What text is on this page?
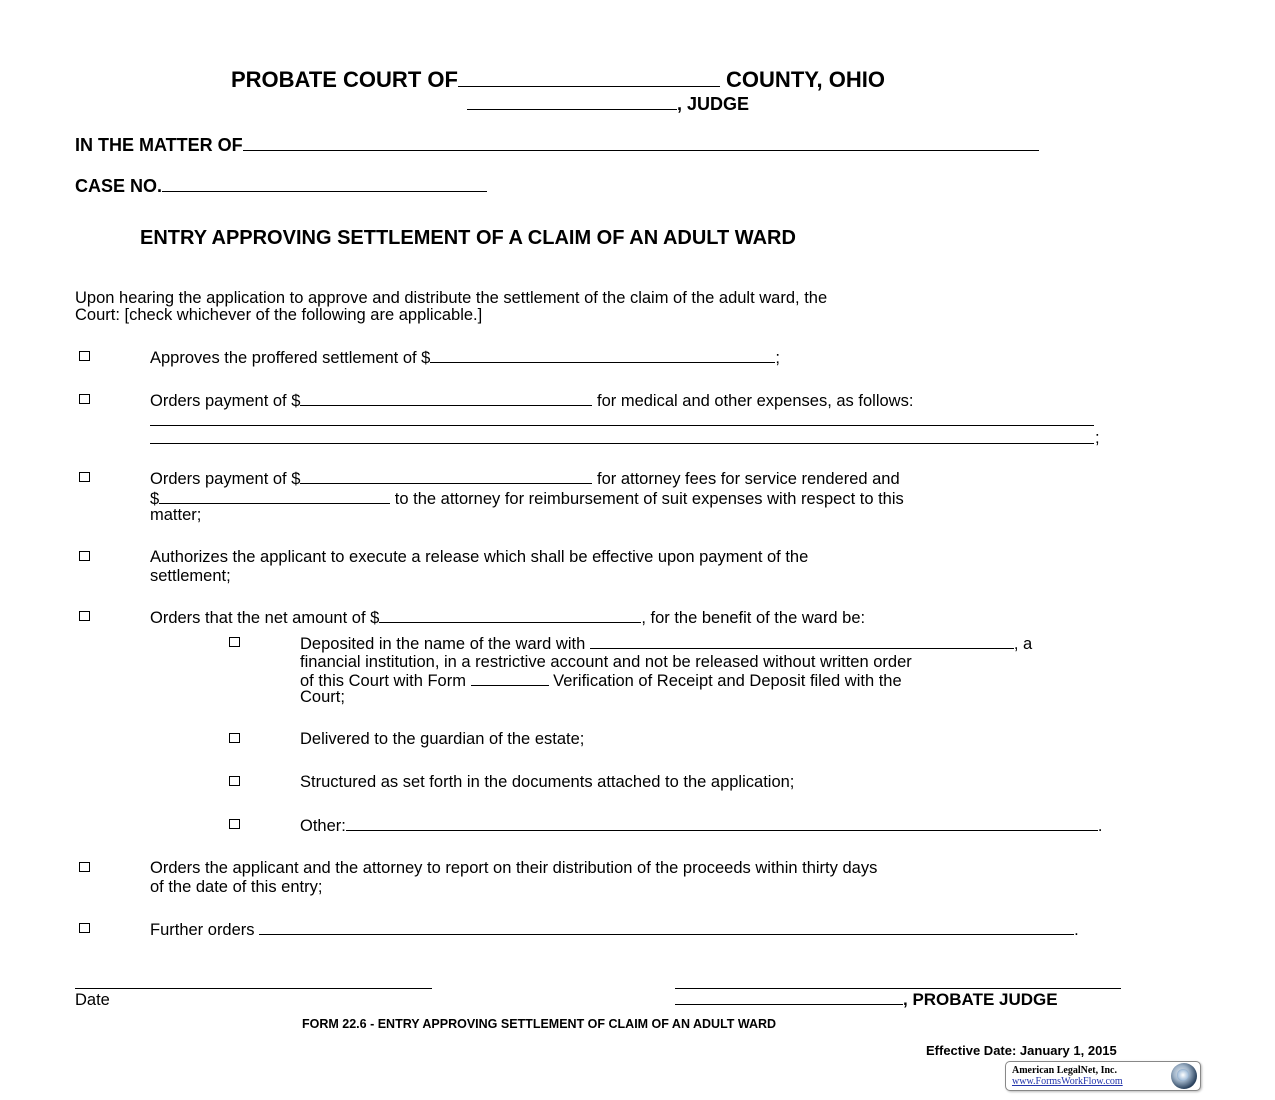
PROBATE COURT OF	COUNTY, OHIO
, JUDGE
IN THE MATTER OF
CASE NO.
ENTRY APPROVING SETTLEMENT OF A CLAIM OF AN ADULT WARD
Upon hearing the application to approve and distribute the settlement of the claim of the adult ward, the
Court: [check whichever of the following are applicable.]
Approves the proffered settlement of $	;
Orders payment of $	for medical and other expenses, as follows:
;
Orders payment of $	for attorney fees for service rendered and
$	to the attorney for reimbursement of suit expenses with respect to this
matter;
Authorizes the applicant to execute a release which shall be effective upon payment of the
settlement;
Orders that the net amount of $	, for the benefit of the ward be:
Deposited in the name of the ward with	, a
financial institution, in a restrictive account and not be released without written order
of this Court with Form	Verification of Receipt and Deposit filed with the
Court;
Delivered to the guardian of the estate;
Structured as set forth in the documents attached to the application;
Other:	.
Orders the applicant and the attorney to report on their distribution of the proceeds within thirty days
of the date of this entry;
Further orders	.
Date	, PROBATE JUDGE
FORM 22.6 - ENTRY APPROVING SETTLEMENT OF CLAIM OF AN ADULT WARD
Effective Date: January 1, 2015
American LegalNet, Inc.
www.FormsWorkFlow.com
